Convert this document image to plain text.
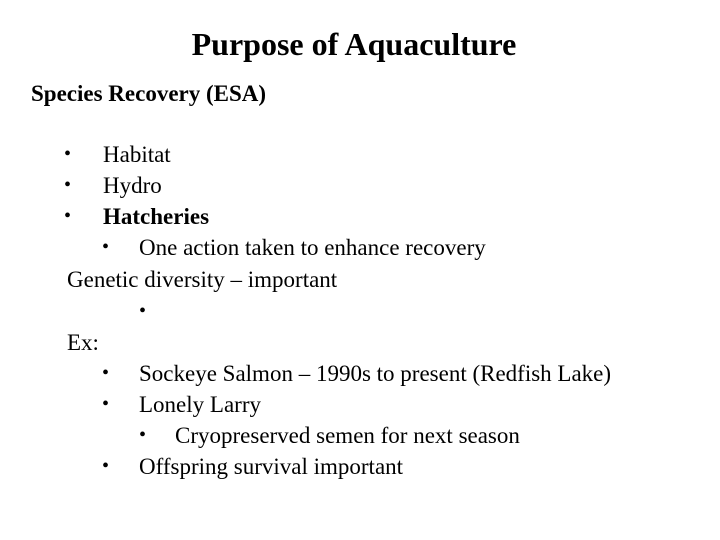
Purpose of Aquaculture
Species Recovery (ESA)
• Habitat
• Hydro
• Hatcheries
• One action taken to enhance recovery
Genetic diversity – important
•
Ex:
• Sockeye Salmon – 1990s to present (Redfish Lake)
• Lonely Larry
• Cryopreserved semen for next season
• Offspring survival important
